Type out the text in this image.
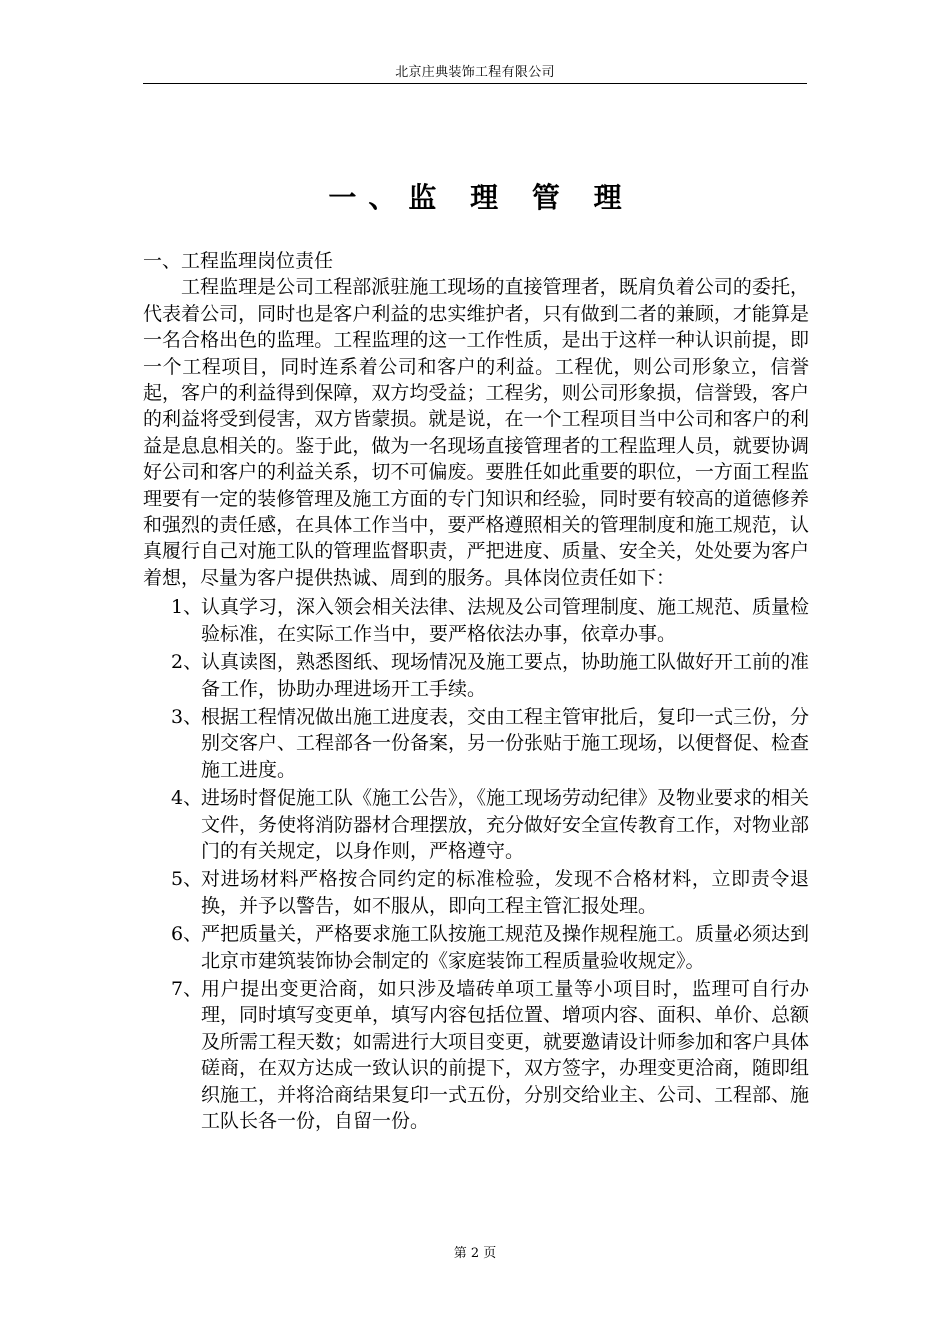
北京庄典装饰工程有限公司
一、监 理 管 理

一、工程监理岗位责任

工程监理是公司工程部派驻施工现场的直接管理者，既肩负着公司的委托，代表着公司，同时也是客户利益的忠实维护者，只有做到二者的兼顾，才能算是一名合格出色的监理。工程监理的这一工作性质，是出于这样一种认识前提，即一个工程项目，同时连系着公司和客户的利益。工程优，则公司形象立，信誉起，客户的利益得到保障，双方均受益；工程劣，则公司形象损，信誉毁，客户的利益将受到侵害，双方皆蒙损。就是说，在一个工程项目当中公司和客户的利益是息息相关的。鉴于此，做为一名现场直接管理者的工程监理人员，就要协调好公司和客户的利益关系，切不可偏废。要胜任如此重要的职位，一方面工程监理要有一定的装修管理及施工方面的专门知识和经验，同时要有较高的道德修养和强烈的责任感，在具体工作当中，要严格遵照相关的管理制度和施工规范，认真履行自己对施工队的管理监督职责，严把进度、质量、安全关，处处要为客户着想，尽量为客户提供热诚、周到的服务。具体岗位责任如下：

1、
认真学习，深入领会相关法律、法规及公司管理制度、施工规范、质量检验标准，在实际工作当中，要严格依法办事，依章办事。
2、
认真读图，熟悉图纸、现场情况及施工要点，协助施工队做好开工前的准备工作，协助办理进场开工手续。
3、
根据工程情况做出施工进度表，交由工程主管审批后，复印一式三份，分别交客户、工程部各一份备案，另一份张贴于施工现场，以便督促、检查施工进度。
4、
进场时督促施工队《施工公告》，《施工现场劳动纪律》及物业要求的相关文件，务使将消防器材合理摆放，充分做好安全宣传教育工作，对物业部门的有关规定，以身作则，严格遵守。
5、
对进场材料严格按合同约定的标准检验，发现不合格材料，立即责令退换，并予以警告，如不服从，即向工程主管汇报处理。
6、
严把质量关，严格要求施工队按施工规范及操作规程施工。质量必须达到北京市建筑装饰协会制定的《家庭装饰工程质量验收规定》。
7、
用户提出变更洽商，如只涉及墙砖单项工量等小项目时，监理可自行办理，同时填写变更单，填写内容包括位置、增项内容、面积、单价、总额及所需工程天数；如需进行大项目变更，就要邀请设计师参加和客户具体磋商，在双方达成一致认识的前提下，双方签字，办理变更洽商，随即组织施工，并将洽商结果复印一式五份，分别交给业主、公司、工程部、施工队长各一份，自留一份。
第 2 页
